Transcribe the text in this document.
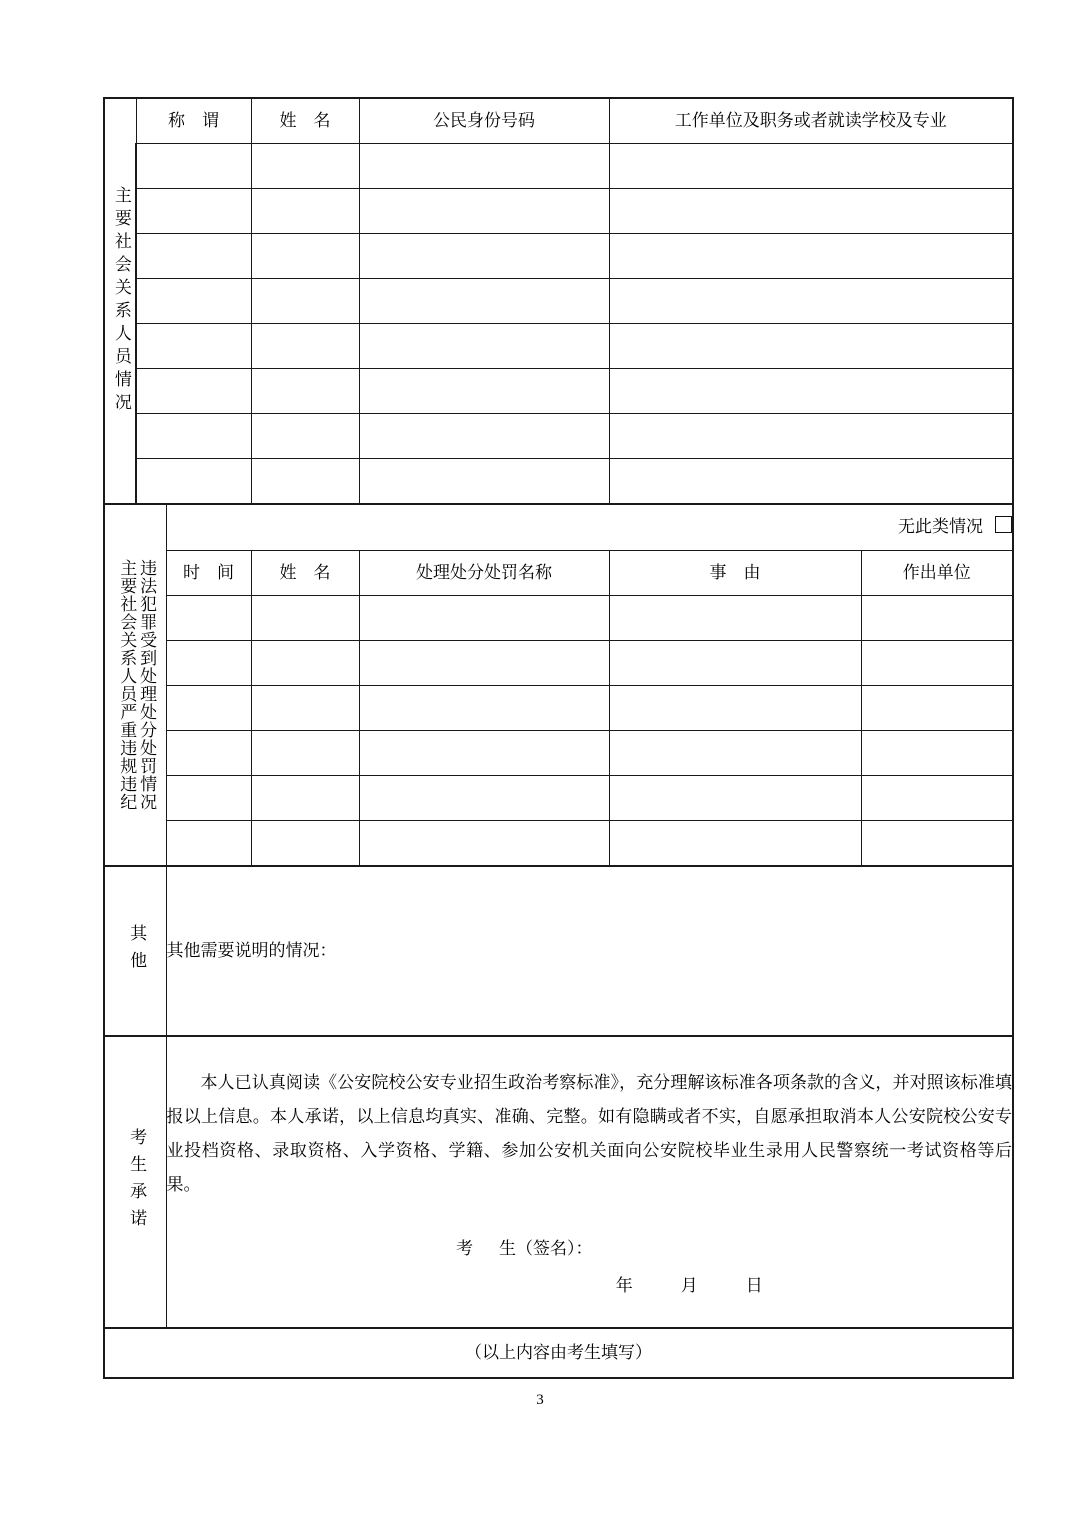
主要社会关系人员情况	称 谓		姓 名	公民身份号码	工作单位及职务或者就读学校及专业	

主要社会关系人员严重违规违纪 违法犯罪受到处理处分处罚情况		无此类情况				
		时 间	姓 名	处理处分处罚名称	事 由	作出单位

其他		其他需要说明的情况：				

考生承诺		本人已认真阅读《公安院校公安专业招生政治考察标准》，充分理解该标准各项条款的含义，并对照该标准填报以上信息。本人承诺，以上信息均真实、准确、完整。如有隐瞒或者不实，自愿承担取消本人公安院校公安专业投档资格、录取资格、入学资格、学籍、参加公安机关面向公安院校毕业生录用人民警察统一考试资格等后果。

考 生（签名）：
年 月 日				

（以上内容由考生填写）						
3
